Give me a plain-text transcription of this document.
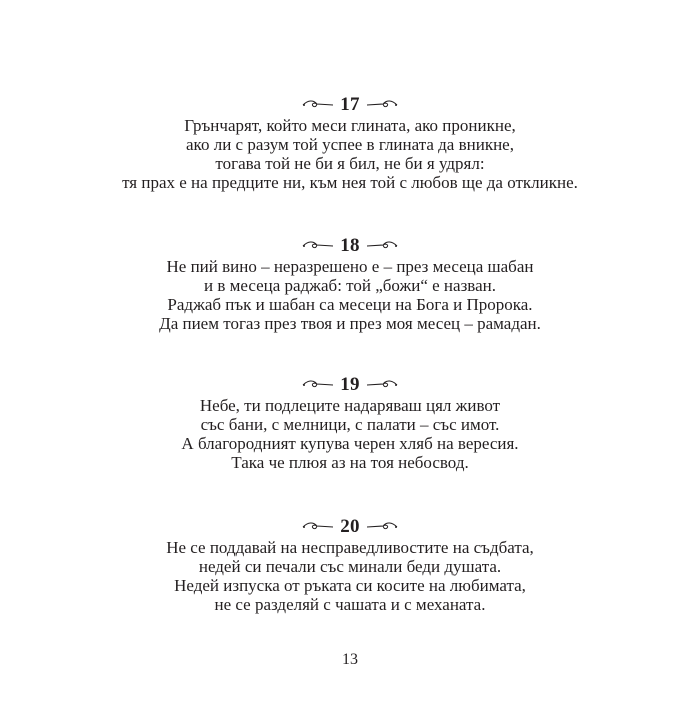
17
Грънчарят, който меси глината, ако проникне,
ако ли с разум той успее в глината да вникне,
тогава той не би я бил, не би я удрял:
тя прах е на предците ни, към нея той с любов ще да откликне.
18
Не пий вино – неразрешено е – през месеца шабан
и в месеца раджаб: той „божи“ е назван.
Раджаб пък и шабан са месеци на Бога и Пророка.
Да пием тогаз през твоя и през моя месец – рамадан.
19
Небе, ти подлеците надаряваш цял живот
със бани, с мелници, с палати – със имот.
А благородният купува черен хляб на вересия.
Така че плюя аз на тоя небосвод.
20
Не се поддавай на несправедливостите на съдбата,
недей си печали със минали беди душата.
Недей изпуска от ръката си косите на любимата,
не се разделяй с чашата и с механата.
13
